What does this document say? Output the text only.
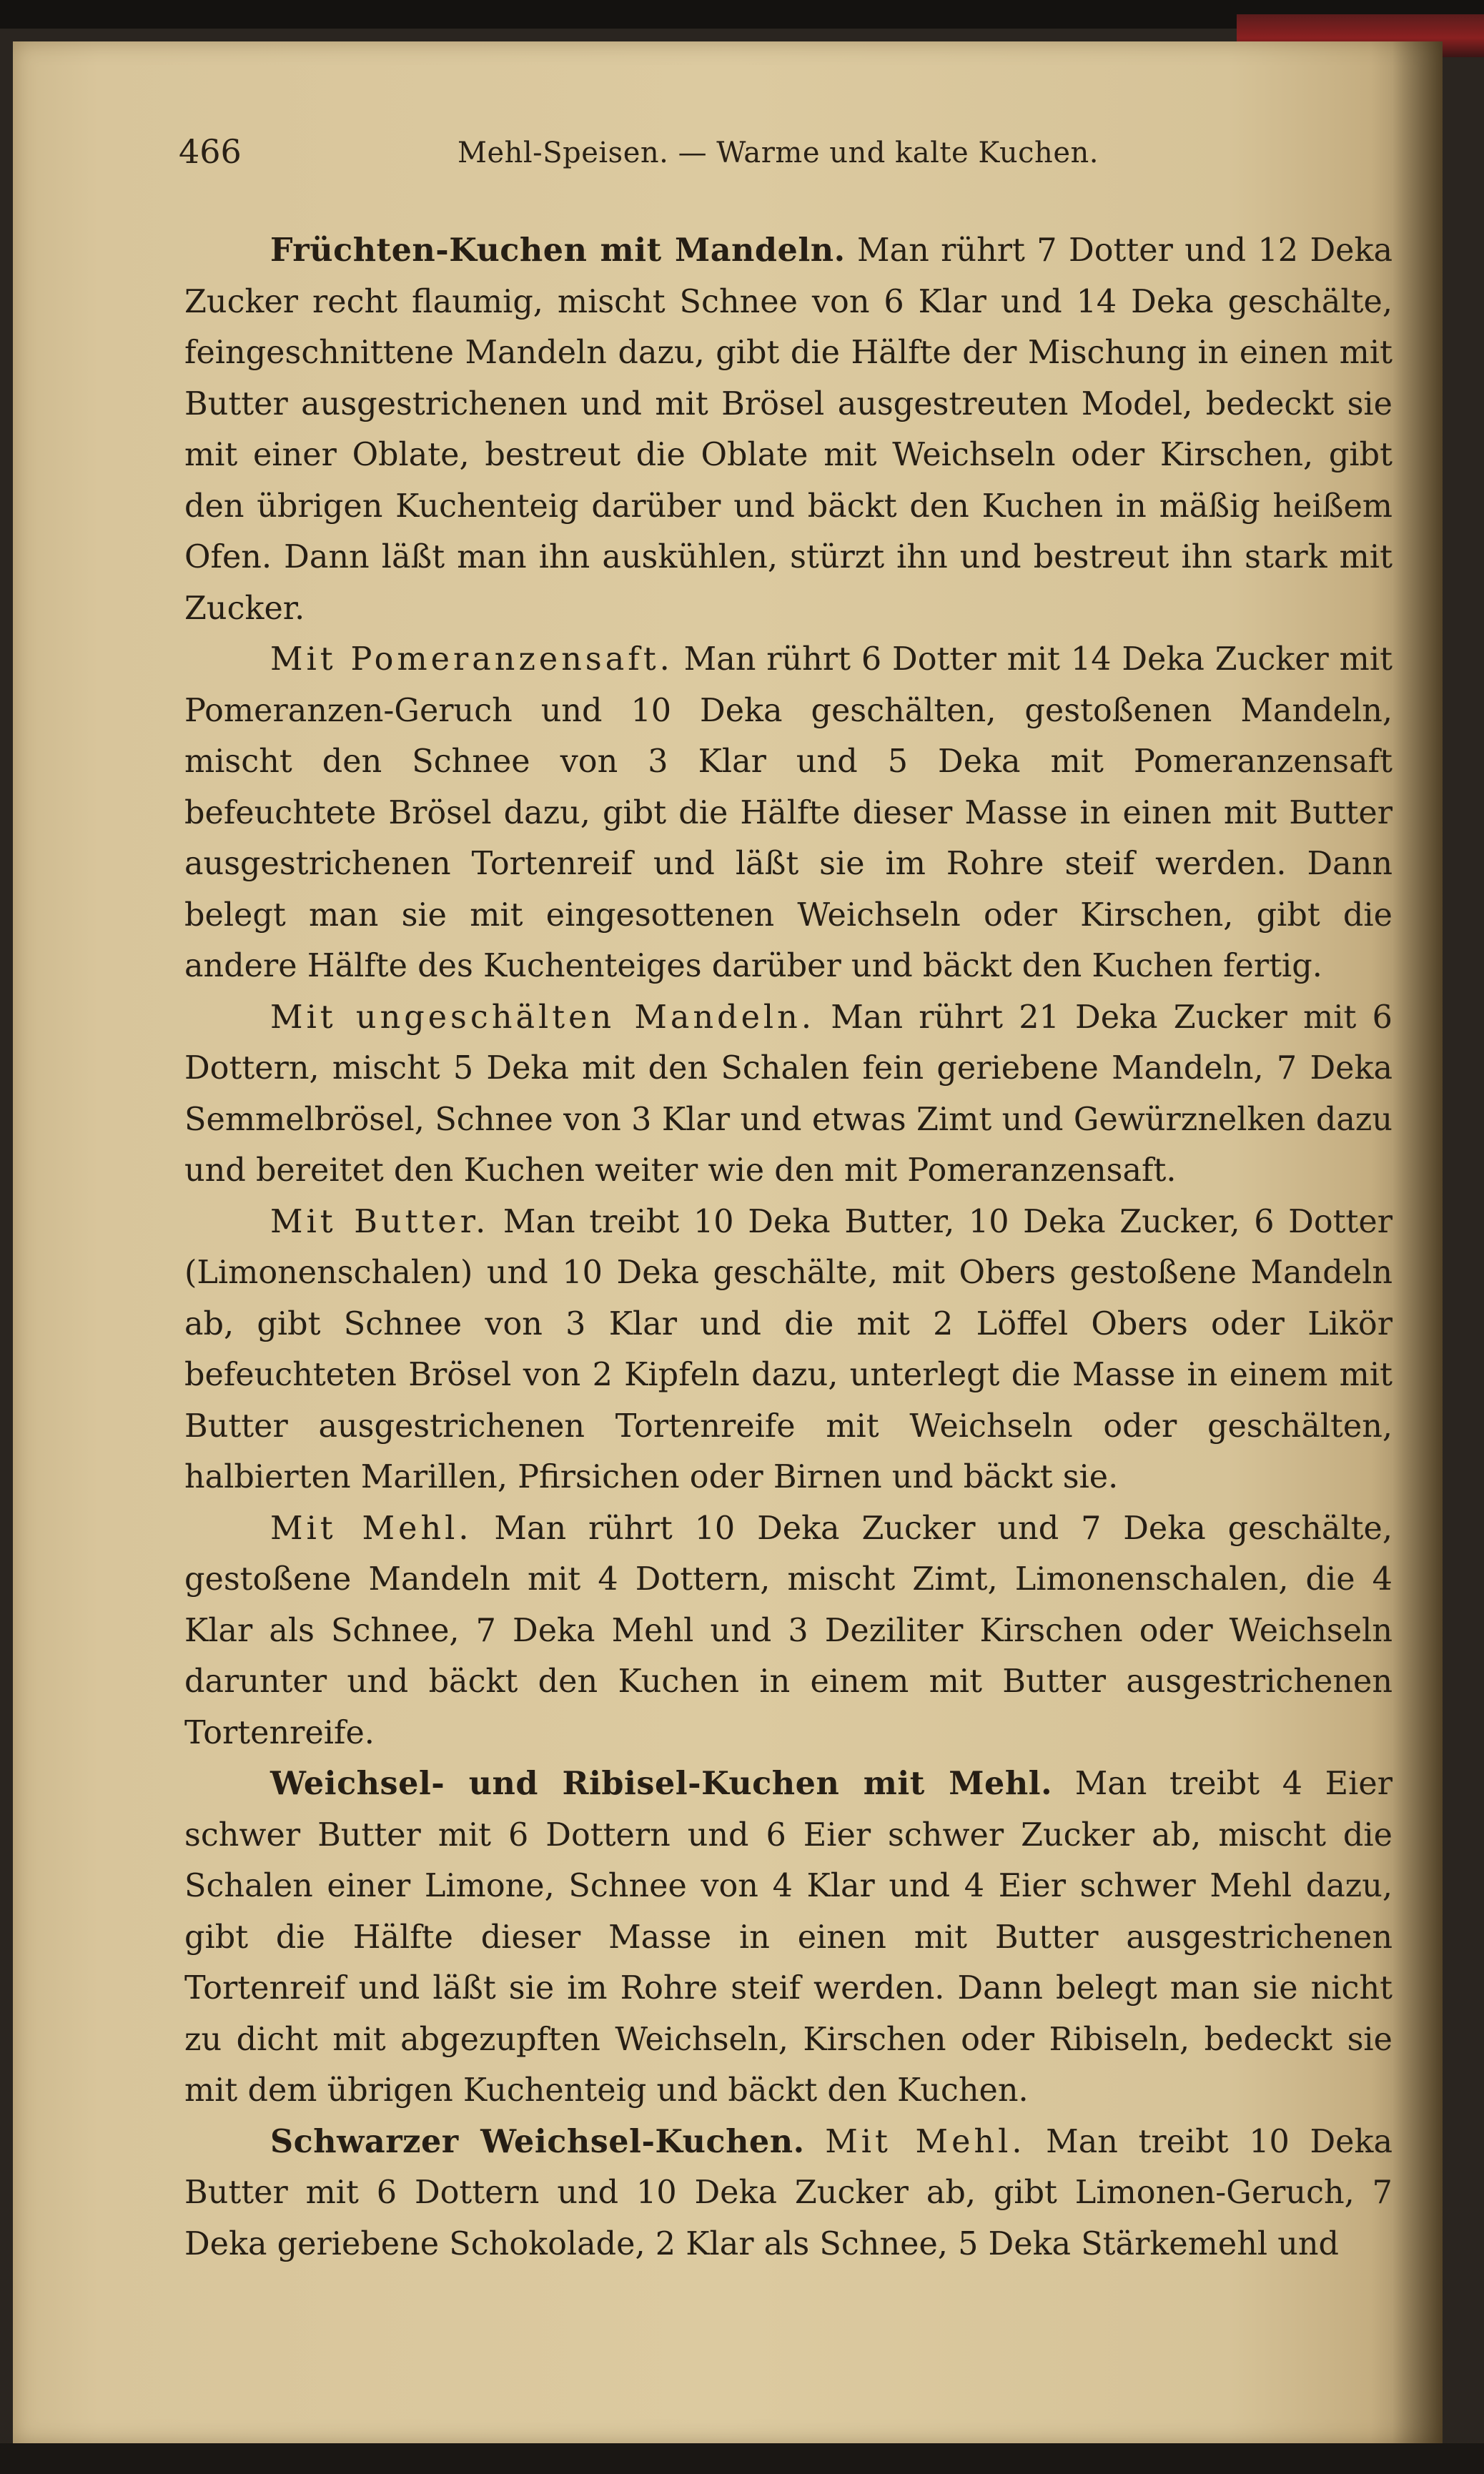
466	Mehl-Speisen. — Warme und kalte Kuchen.

Früchten-Kuchen mit Mandeln. Man rührt 7 Dotter und 12 Deka Zucker recht flaumig, mischt Schnee von 6 Klar und 14 Deka geschälte, feingeschnittene Mandeln dazu, gibt die Hälfte der Mischung in einen mit Butter ausgestrichenen und mit Brösel ausgestreuten Model, bedeckt sie mit einer Oblate, bestreut die Oblate mit Weichseln oder Kirschen, gibt den übrigen Kuchenteig darüber und bäckt den Kuchen in mäßig heißem Ofen. Dann läßt man ihn auskühlen, stürzt ihn und bestreut ihn stark mit Zucker.

Mit Pomeranzensaft. Man rührt 6 Dotter mit 14 Deka Zucker mit Pomeranzen-Geruch und 10 Deka geschälten, gestoßenen Mandeln, mischt den Schnee von 3 Klar und 5 Deka mit Pomeranzensaft befeuchtete Brösel dazu, gibt die Hälfte dieser Masse in einen mit Butter ausgestrichenen Tortenreif und läßt sie im Rohre steif werden. Dann belegt man sie mit eingesottenen Weichseln oder Kirschen, gibt die andere Hälfte des Kuchenteiges darüber und bäckt den Kuchen fertig.

Mit ungeschälten Mandeln. Man rührt 21 Deka Zucker mit 6 Dottern, mischt 5 Deka mit den Schalen fein geriebene Mandeln, 7 Deka Semmelbrösel, Schnee von 3 Klar und etwas Zimt und Gewürznelken dazu und bereitet den Kuchen weiter wie den mit Pomeranzensaft.

Mit Butter. Man treibt 10 Deka Butter, 10 Deka Zucker, 6 Dotter (Limonenschalen) und 10 Deka geschälte, mit Obers gestoßene Mandeln ab, gibt Schnee von 3 Klar und die mit 2 Löffel Obers oder Likör befeuchteten Brösel von 2 Kipfeln dazu, unterlegt die Masse in einem mit Butter ausgestrichenen Tortenreife mit Weichseln oder geschälten, halbierten Marillen, Pfirsichen oder Birnen und bäckt sie.

Mit Mehl. Man rührt 10 Deka Zucker und 7 Deka geschälte, gestoßene Mandeln mit 4 Dottern, mischt Zimt, Limonenschalen, die 4 Klar als Schnee, 7 Deka Mehl und 3 Deziliter Kirschen oder Weichseln darunter und bäckt den Kuchen in einem mit Butter ausgestrichenen Tortenreife.

Weichsel- und Ribisel-Kuchen mit Mehl. Man treibt 4 Eier schwer Butter mit 6 Dottern und 6 Eier schwer Zucker ab, mischt die Schalen einer Limone, Schnee von 4 Klar und 4 Eier schwer Mehl dazu, gibt die Hälfte dieser Masse in einen mit Butter ausgestrichenen Tortenreif und läßt sie im Rohre steif werden. Dann belegt man sie nicht zu dicht mit abgezupften Weichseln, Kirschen oder Ribiseln, bedeckt sie mit dem übrigen Kuchenteig und bäckt den Kuchen.

Schwarzer Weichsel-Kuchen. Mit Mehl. Man treibt 10 Deka Butter mit 6 Dottern und 10 Deka Zucker ab, gibt Limonen-Geruch, 7 Deka geriebene Schokolade, 2 Klar als Schnee, 5 Deka Stärkemehl und
